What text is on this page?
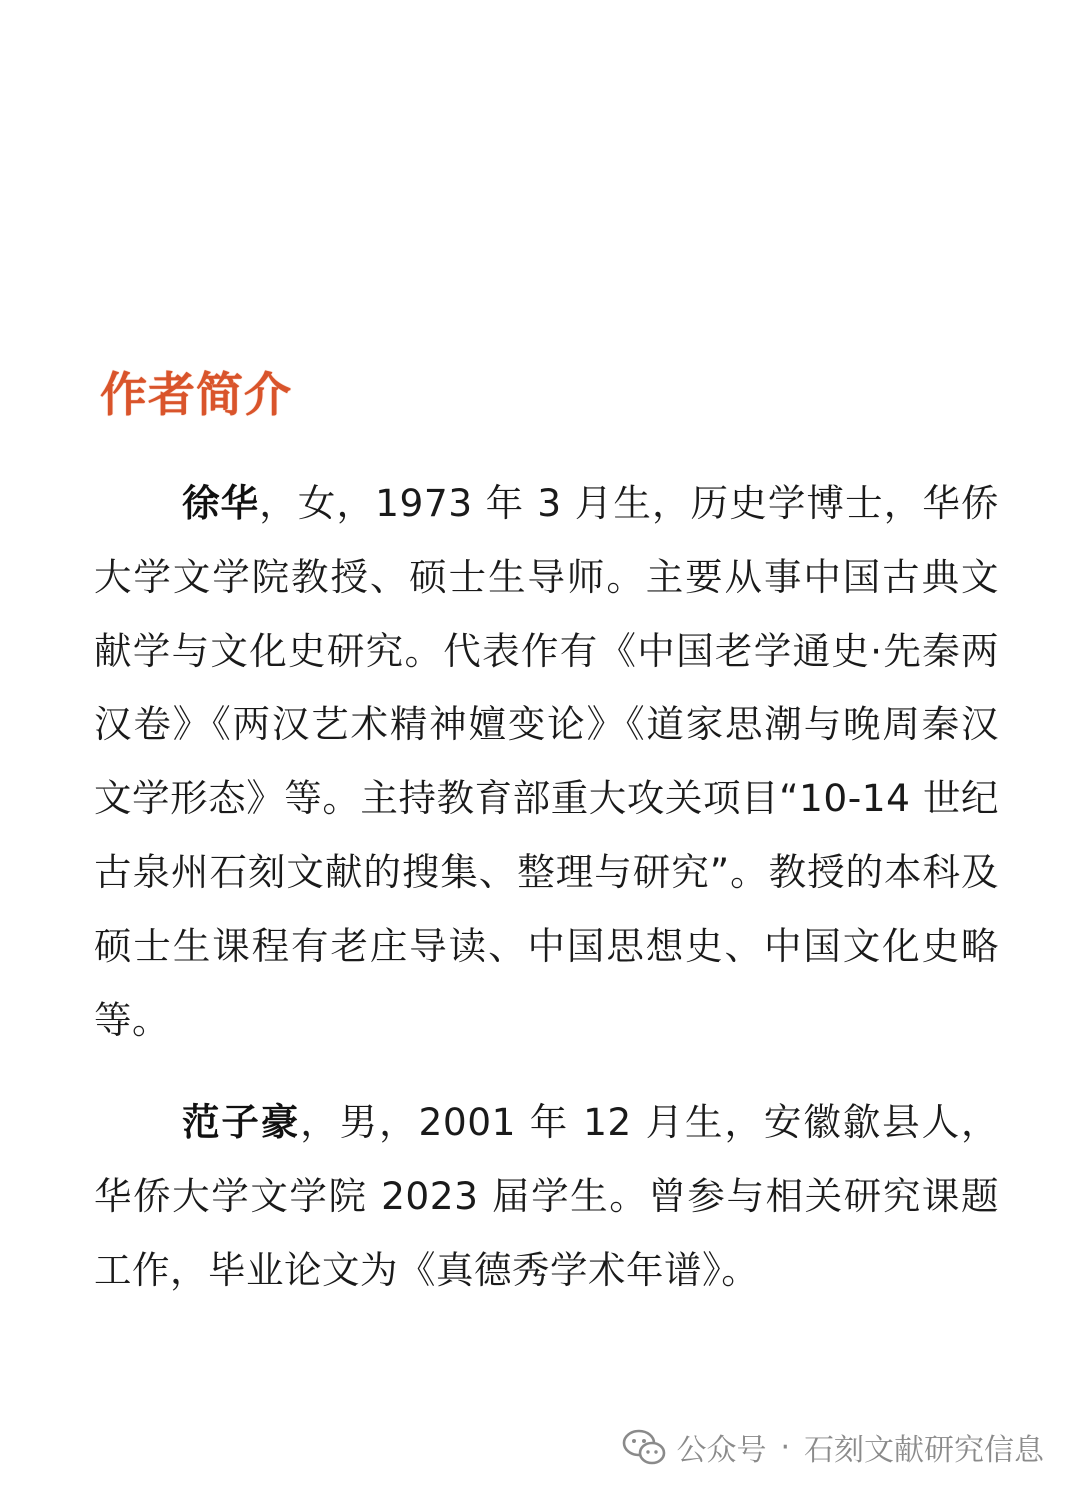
作者简介

徐华，女，1973 年 3 月生，历史学博士，华侨大学文学院教授、硕士生导师。主要从事中国古典文献学与文化史研究。代表作有《中国老学通史·先秦两汉卷》《两汉艺术精神嬗变论》《道家思潮与晚周秦汉文学形态》等。主持教育部重大攻关项目“10-14 世纪古泉州石刻文献的搜集、整理与研究”。教授的本科及硕士生课程有老庄导读、中国思想史、中国文化史略等。

范子豪，男，2001 年 12 月生，安徽歙县人，华侨大学文学院 2023 届学生。曾参与相关研究课题工作，毕业论文为《真德秀学术年谱》。

公众号 · 石刻文献研究信息
